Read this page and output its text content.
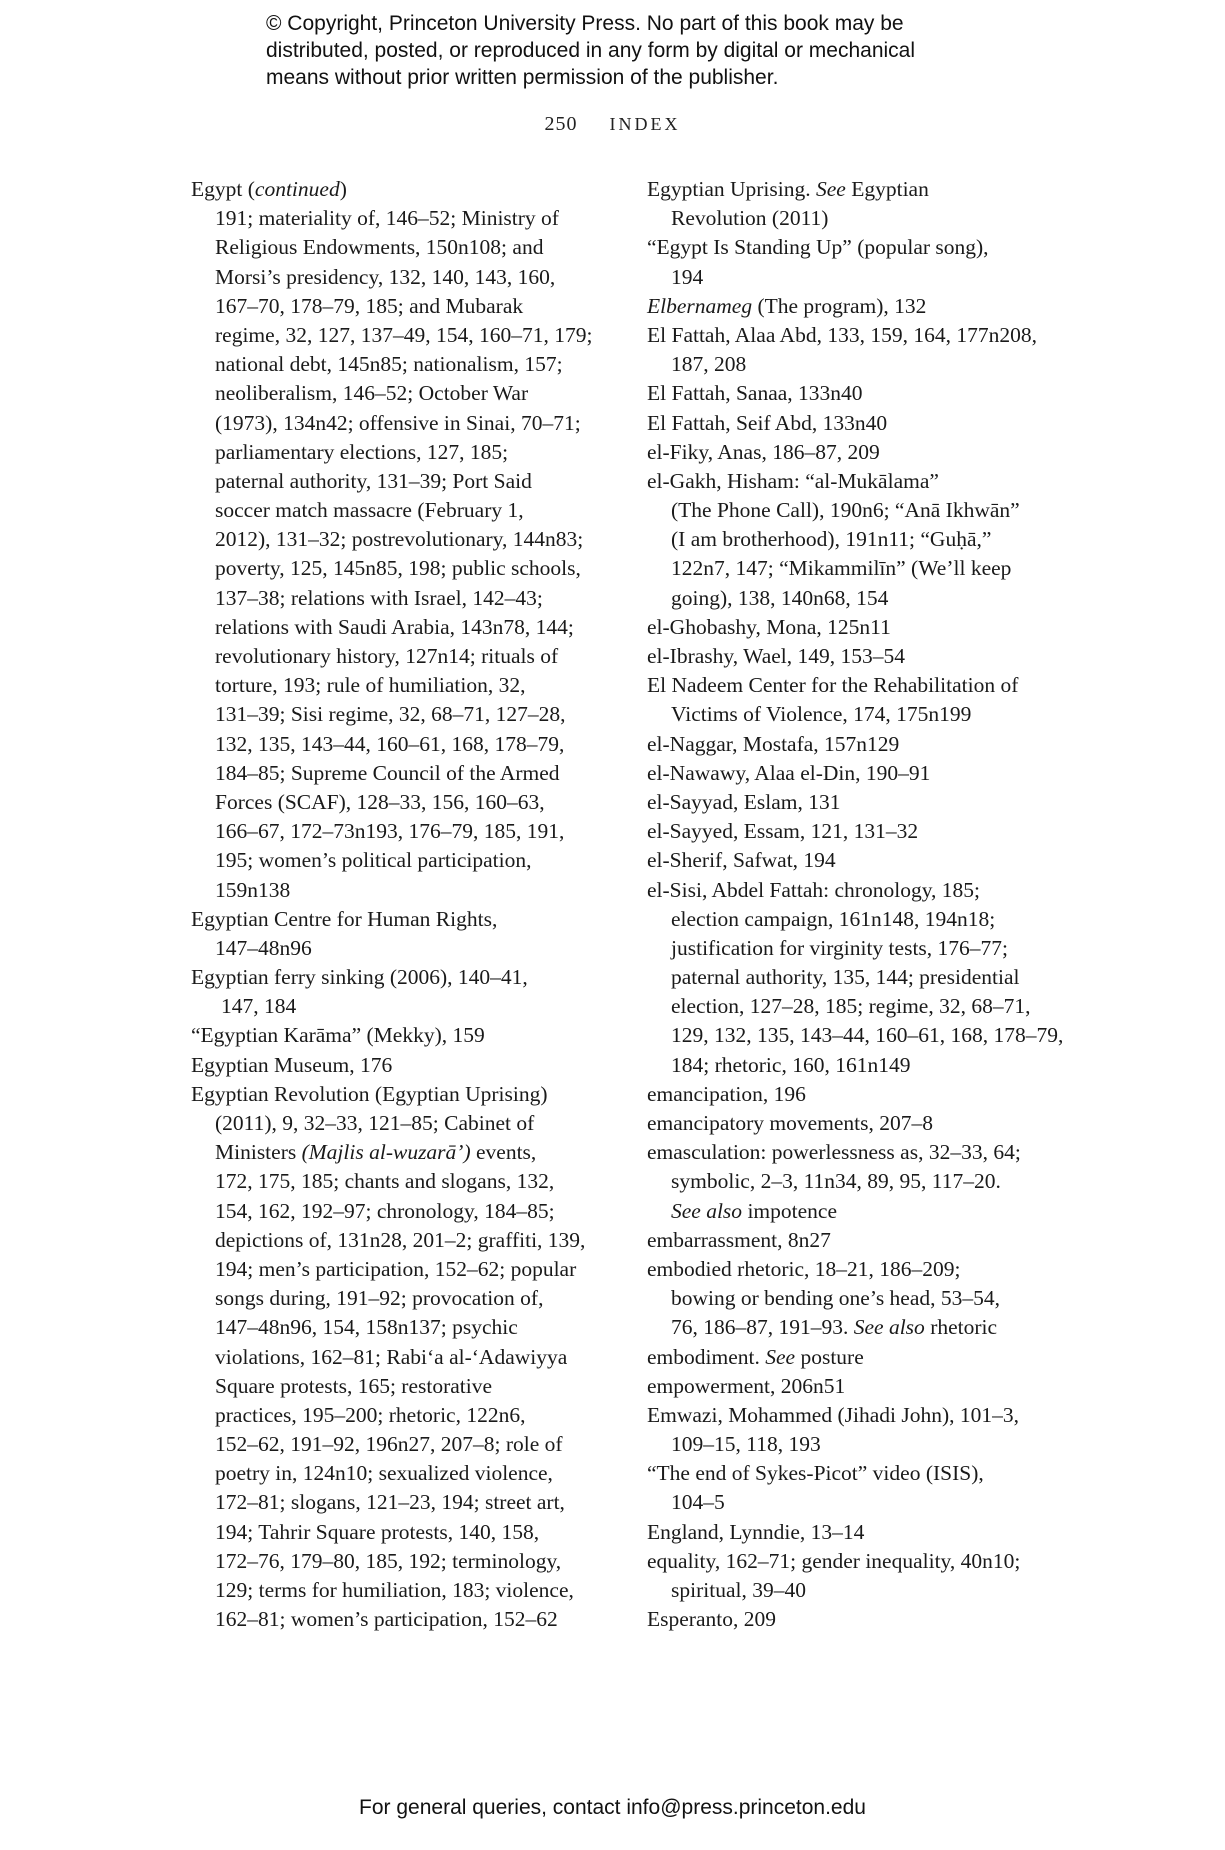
© Copyright, Princeton University Press. No part of this book may be
distributed, posted, or reproduced in any form by digital or mechanical
means without prior written permission of the publisher.
250 INDEX
Egypt (continued)
191; materiality of, 146–52; Ministry of
Religious Endowments, 150n108; and
Morsi’s presidency, 132, 140, 143, 160,
167–70, 178–79, 185; and Mubarak
regime, 32, 127, 137–49, 154, 160–71, 179;
national debt, 145n85; nationalism, 157;
neoliberalism, 146–52; October War
(1973), 134n42; offensive in Sinai, 70–71;
parliamentary elections, 127, 185;
paternal authority, 131–39; Port Said
soccer match massacre (February 1,
2012), 131–32; postrevolutionary, 144n83;
poverty, 125, 145n85, 198; public schools,
137–38; relations with Israel, 142–43;
relations with Saudi Arabia, 143n78, 144;
revolutionary history, 127n14; rituals of
torture, 193; rule of humiliation, 32,
131–39; Sisi regime, 32, 68–71, 127–28,
132, 135, 143–44, 160–61, 168, 178–79,
184–85; Supreme Council of the Armed
Forces (SCAF), 128–33, 156, 160–63,
166–67, 172–73n193, 176–79, 185, 191,
195; women’s political participation,
159n138
Egyptian Centre for Human Rights,
147–48n96
Egyptian ferry sinking (2006), 140–41,
147, 184
“Egyptian Karāma” (Mekky), 159
Egyptian Museum, 176
Egyptian Revolution (Egyptian Uprising)
(2011), 9, 32–33, 121–85; Cabinet of
Ministers (Majlis al-wuzarā’) events,
172, 175, 185; chants and slogans, 132,
154, 162, 192–97; chronology, 184–85;
depictions of, 131n28, 201–2; graffiti, 139,
194; men’s participation, 152–62; popular
songs during, 191–92; provocation of,
147–48n96, 154, 158n137; psychic
violations, 162–81; Rabi‘a al-‘Adawiyya
Square protests, 165; restorative
practices, 195–200; rhetoric, 122n6,
152–62, 191–92, 196n27, 207–8; role of
poetry in, 124n10; sexualized violence,
172–81; slogans, 121–23, 194; street art,
194; Tahrir Square protests, 140, 158,
172–76, 179–80, 185, 192; terminology,
129; terms for humiliation, 183; violence,
162–81; women’s participation, 152–62
Egyptian Uprising. See Egyptian
Revolution (2011)
“Egypt Is Standing Up” (popular song),
194
Elbernameg (The program), 132
El Fattah, Alaa Abd, 133, 159, 164, 177n208,
187, 208
El Fattah, Sanaa, 133n40
El Fattah, Seif Abd, 133n40
el-Fiky, Anas, 186–87, 209
el-Gakh, Hisham: “al-Mukālama”
(The Phone Call), 190n6; “Anā Ikhwān”
(I am brotherhood), 191n11; “Guḥā,”
122n7, 147; “Mikammilīn” (We’ll keep
going), 138, 140n68, 154
el-Ghobashy, Mona, 125n11
el-Ibrashy, Wael, 149, 153–54
El Nadeem Center for the Rehabilitation of
Victims of Violence, 174, 175n199
el-Naggar, Mostafa, 157n129
el-Nawawy, Alaa el-Din, 190–91
el-Sayyad, Eslam, 131
el-Sayyed, Essam, 121, 131–32
el-Sherif, Safwat, 194
el-Sisi, Abdel Fattah: chronology, 185;
election campaign, 161n148, 194n18;
justification for virginity tests, 176–77;
paternal authority, 135, 144; presidential
election, 127–28, 185; regime, 32, 68–71,
129, 132, 135, 143–44, 160–61, 168, 178–79,
184; rhetoric, 160, 161n149
emancipation, 196
emancipatory movements, 207–8
emasculation: powerlessness as, 32–33, 64;
symbolic, 2–3, 11n34, 89, 95, 117–20.
See also impotence
embarrassment, 8n27
embodied rhetoric, 18–21, 186–209;
bowing or bending one’s head, 53–54,
76, 186–87, 191–93. See also rhetoric
embodiment. See posture
empowerment, 206n51
Emwazi, Mohammed (Jihadi John), 101–3,
109–15, 118, 193
“The end of Sykes-Picot” video (ISIS),
104–5
England, Lynndie, 13–14
equality, 162–71; gender inequality, 40n10;
spiritual, 39–40
Esperanto, 209
For general queries, contact info@press.princeton.edu
